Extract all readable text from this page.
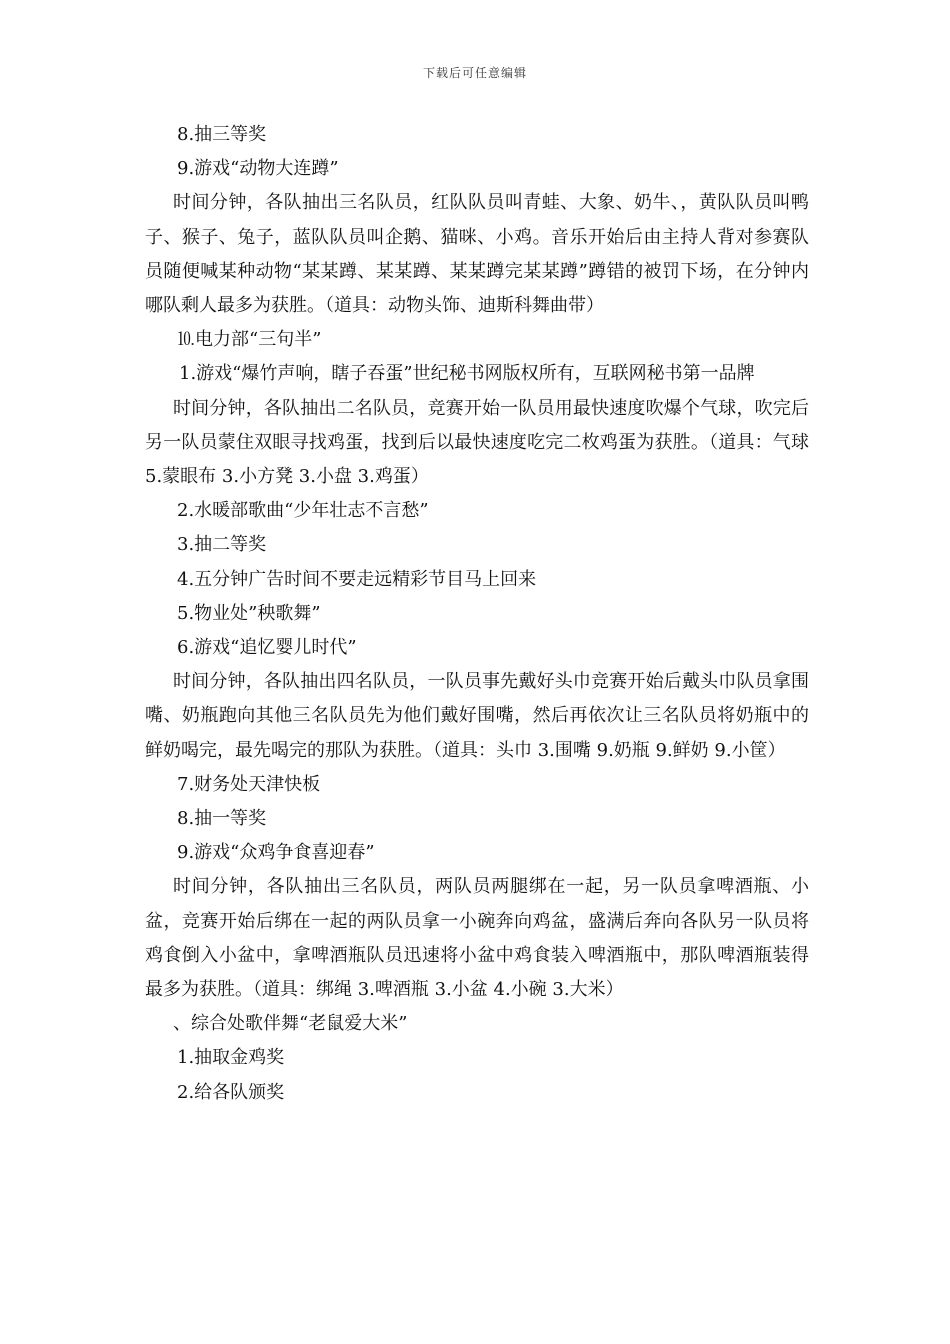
下载后可任意编辑
8.抽三等奖
9.游戏“动物大连蹲”
时间分钟，各队抽出三名队员，红队队员叫青蛙、大象、奶牛、，黄队队员叫鸭子、猴子、兔子，蓝队队员叫企鹅、猫咪、小鸡。音乐开始后由主持人背对参赛队员随便喊某种动物“某某蹲、某某蹲、某某蹲完某某蹲”蹲错的被罚下场，在分钟内哪队剩人最多为获胜。（道具：动物头饰、迪斯科舞曲带）
⒑电力部“三句半”
1.游戏“爆竹声响，瞎子吞蛋”世纪秘书网版权所有，互联网秘书第一品牌
时间分钟，各队抽出二名队员，竞赛开始一队员用最快速度吹爆个气球，吹完后另一队员蒙住双眼寻找鸡蛋，找到后以最快速度吃完二枚鸡蛋为获胜。（道具：气球 5.蒙眼布 3.小方凳 3.小盘 3.鸡蛋）
2.水暖部歌曲“少年壮志不言愁”
3.抽二等奖
4.五分钟广告时间不要走远精彩节目马上回来
5.物业处”秧歌舞”
6.游戏“追忆婴儿时代”
时间分钟，各队抽出四名队员，一队员事先戴好头巾竞赛开始后戴头巾队员拿围嘴、奶瓶跑向其他三名队员先为他们戴好围嘴，然后再依次让三名队员将奶瓶中的鲜奶喝完，最先喝完的那队为获胜。（道具：头巾 3.围嘴 9.奶瓶 9.鲜奶 9.小筐）
7.财务处天津快板
8.抽一等奖
9.游戏“众鸡争食喜迎春”
时间分钟，各队抽出三名队员，两队员两腿绑在一起，另一队员拿啤酒瓶、小盆，竞赛开始后绑在一起的两队员拿一小碗奔向鸡盆，盛满后奔向各队另一队员将鸡食倒入小盆中，拿啤酒瓶队员迅速将小盆中鸡食装入啤酒瓶中，那队啤酒瓶装得最多为获胜。（道具：绑绳 3.啤酒瓶 3.小盆 4.小碗 3.大米）
、综合处歌伴舞“老鼠爱大米”
1.抽取金鸡奖
2.给各队颁奖
